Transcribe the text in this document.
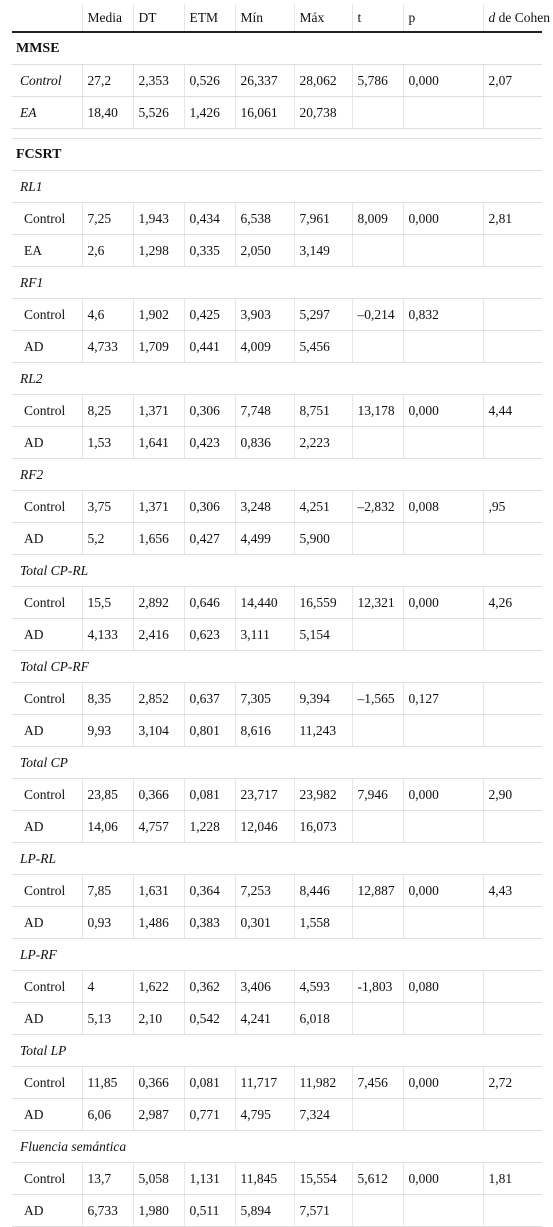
	Media	DT	ETM	Mín	Máx	t	p	d de Cohen
MMSE								
Control	27,2	2,353	0,526	26,337	28,062	5,786	0,000	2,07
EA	18,40	5,526	1,426	16,061	20,738			

FCSRT								
RL1								
Control	7,25	1,943	0,434	6,538	7,961	8,009	0,000	2,81
EA	2,6	1,298	0,335	2,050	3,149			
RF1								
Control	4,6	1,902	0,425	3,903	5,297	–0,214	0,832	
AD	4,733	1,709	0,441	4,009	5,456			
RL2								
Control	8,25	1,371	0,306	7,748	8,751	13,178	0,000	4,44
AD	1,53	1,641	0,423	0,836	2,223			
RF2								
Control	3,75	1,371	0,306	3,248	4,251	–2,832	0,008	,95
AD	5,2	1,656	0,427	4,499	5,900			
Total CP-RL								
Control	15,5	2,892	0,646	14,440	16,559	12,321	0,000	4,26
AD	4,133	2,416	0,623	3,111	5,154			
Total CP-RF								
Control	8,35	2,852	0,637	7,305	9,394	–1,565	0,127	
AD	9,93	3,104	0,801	8,616	11,243			
Total CP								
Control	23,85	0,366	0,081	23,717	23,982	7,946	0,000	2,90
AD	14,06	4,757	1,228	12,046	16,073			
LP-RL								
Control	7,85	1,631	0,364	7,253	8,446	12,887	0,000	4,43
AD	0,93	1,486	0,383	0,301	1,558			
LP-RF								
Control	4	1,622	0,362	3,406	4,593	-1,803	0,080	
AD	5,13	2,10	0,542	4,241	6,018			
Total LP								
Control	11,85	0,366	0,081	11,717	11,982	7,456	0,000	2,72
AD	6,06	2,987	0,771	4,795	7,324			
Fluencia semántica								
Control	13,7	5,058	1,131	11,845	15,554	5,612	0,000	1,81
AD	6,733	1,980	0,511	5,894	7,571			
